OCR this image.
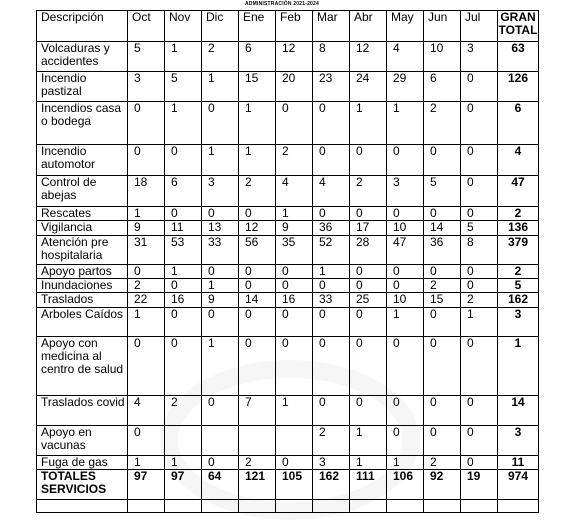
ADMINISTRACIÓN 2021-2024
Descripción	Oct	Nov	Dic	Ene	Feb	Mar	Abr	May	Jun	Jul	GRAN TOTAL
Volcaduras y accidentes	5	1	2	6	12	8	12	4	10	3	63
Incendio pastizal	3	5	1	15	20	23	24	29	6	0	126
Incendios casa o bodega	0	1	0	1	0	0	1	1	2	0	6
Incendio automotor	0	0	1	1	2	0	0	0	0	0	4
Control de abejas	18	6	3	2	4	4	2	3	5	0	47
Rescates	1	0	0	0	1	0	0	0	0	0	2
Vigilancia	9	11	13	12	9	36	17	10	14	5	136
Atención pre hospitalaria	31	53	33	56	35	52	28	47	36	8	379
Apoyo partos	0	1	0	0	0	1	0	0	0	0	2
Inundaciones	2	0	1	0	0	0	0	0	2	0	5
Traslados	22	16	9	14	16	33	25	10	15	2	162
Arboles Caídos	1	0	0	0	0	0	0	1	0	1	3
Apoyo con medicina al centro de salud	0	0	1	0	0	0	0	0	0	0	1
Traslados covid	4	2	0	7	1	0	0	0	0	0	14
Apoyo en vacunas	0					2	1	0	0	0	3
Fuga de gas	1	1	0	2	0	3	1	1	2	0	11
TOTALES SERVICIOS	97	97	64	121	105	162	111	106	92	19	974
